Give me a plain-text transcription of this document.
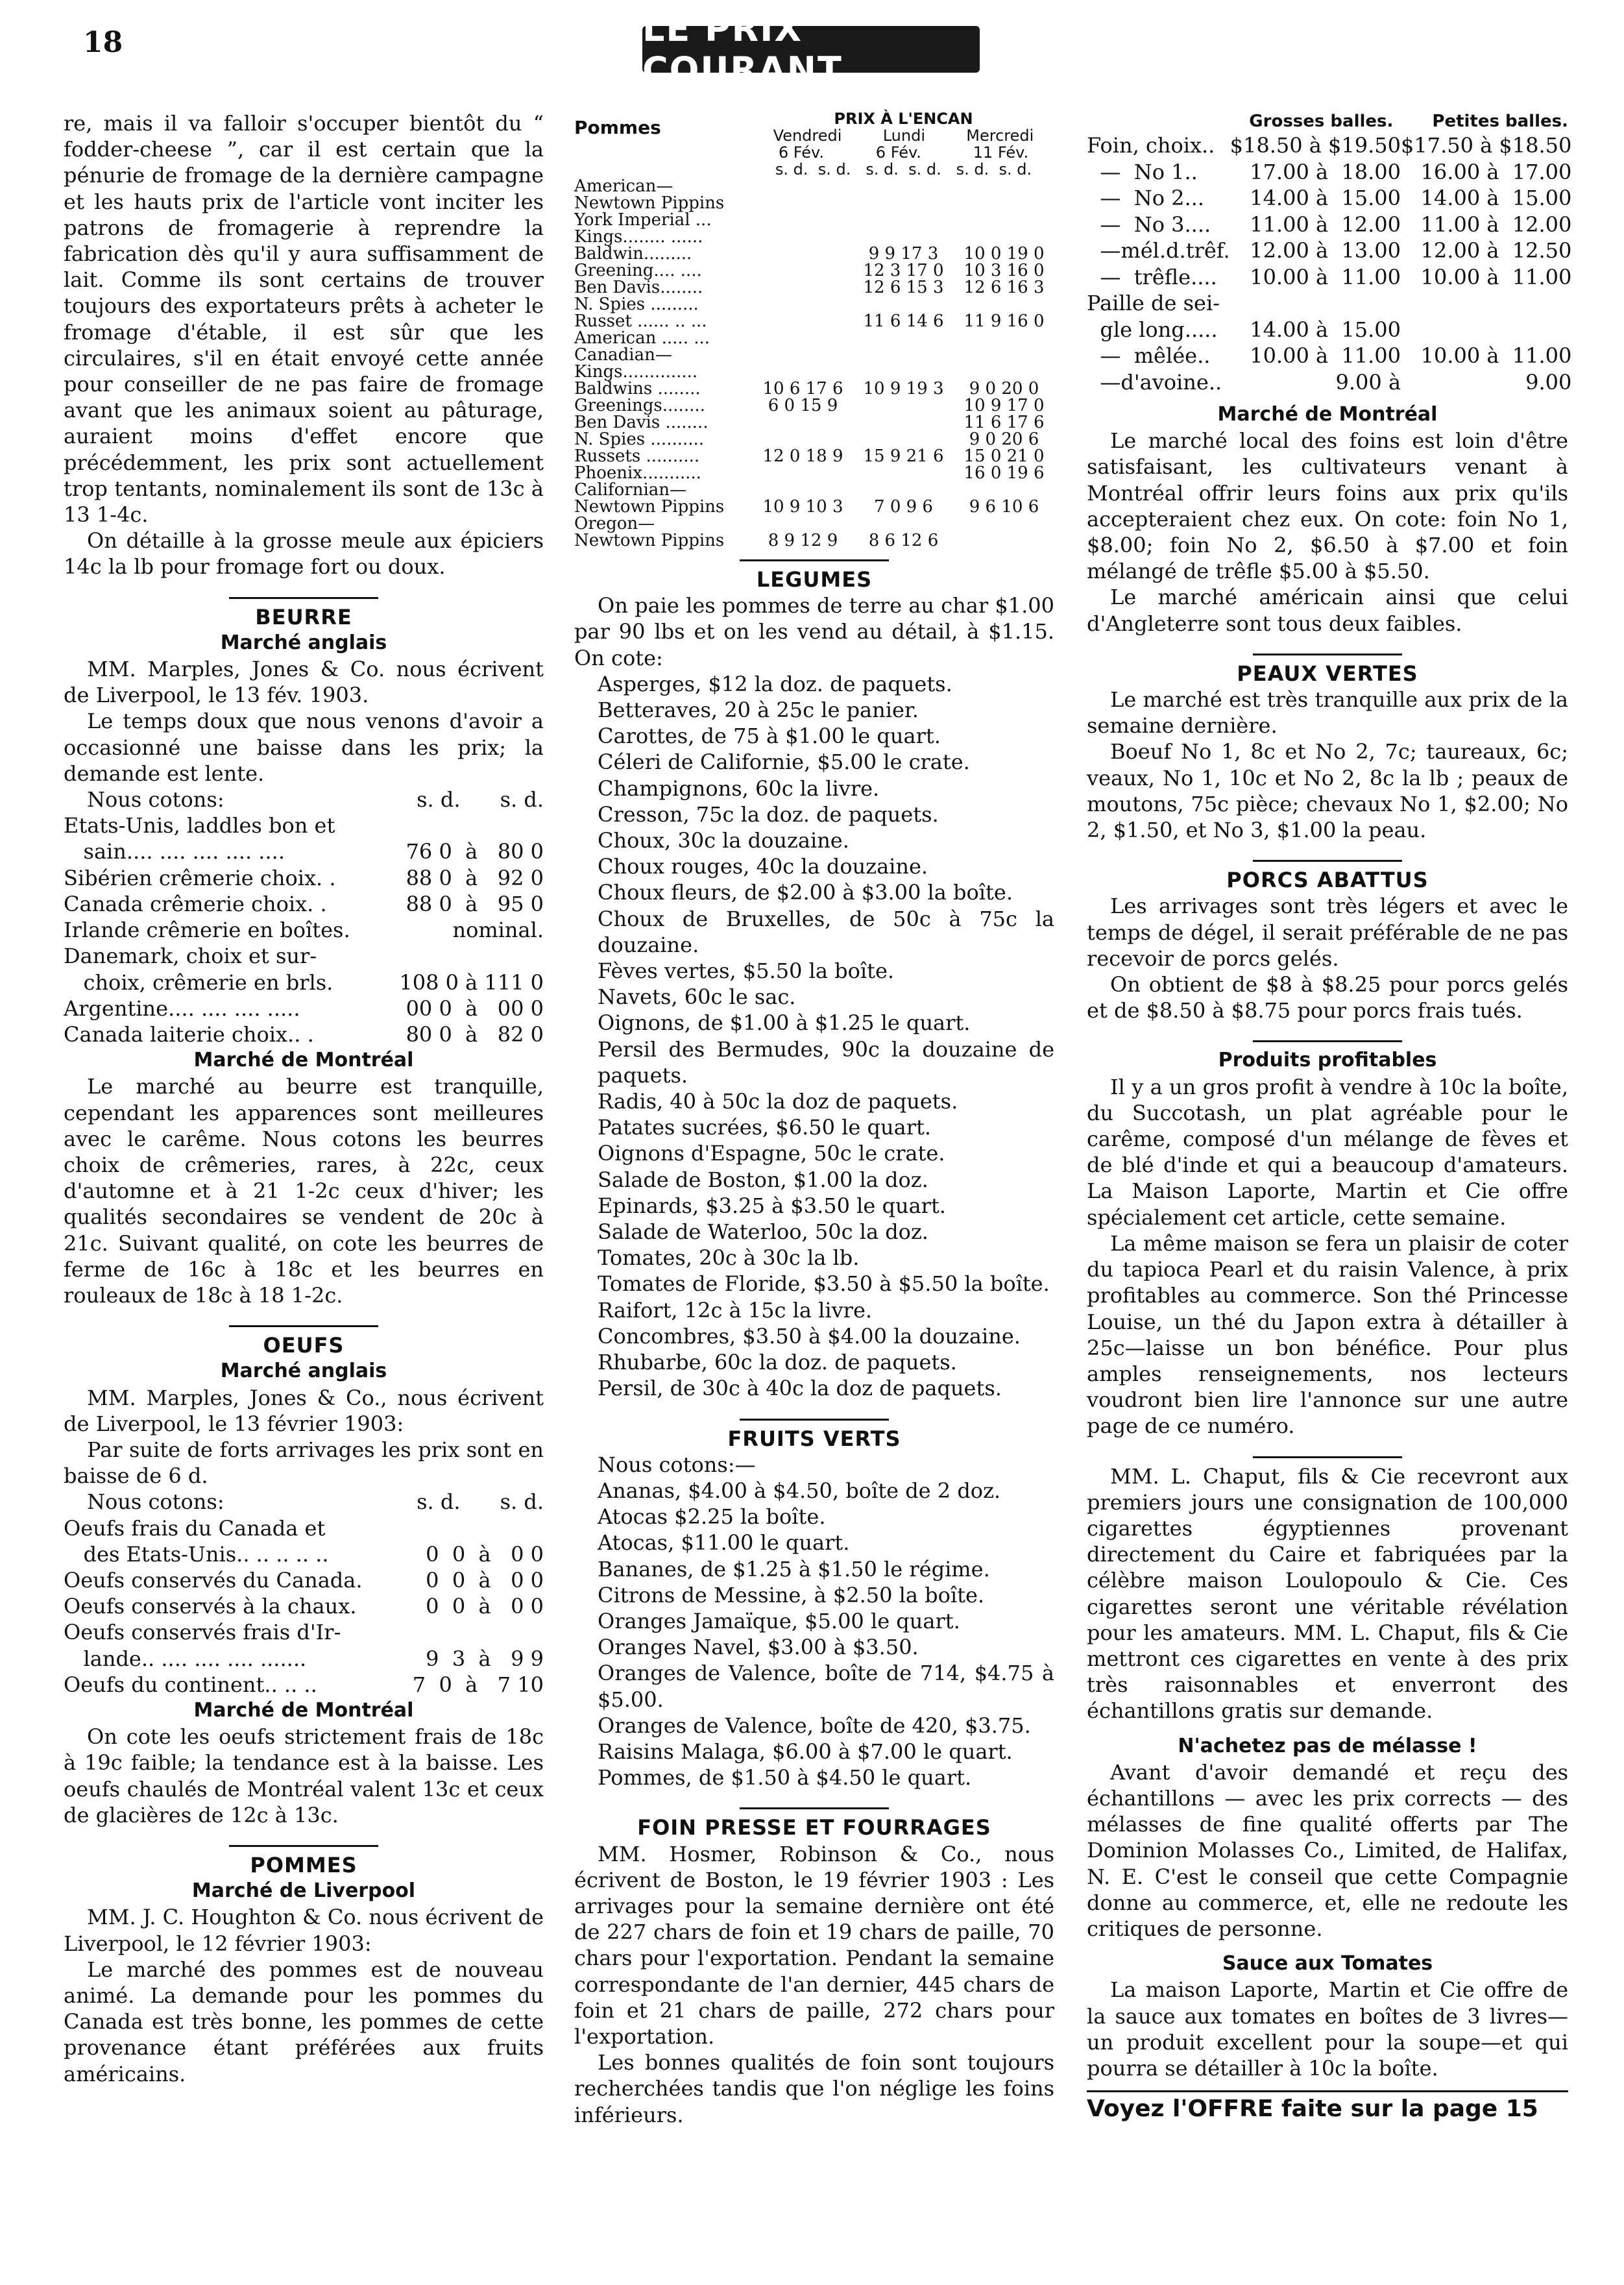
18	LE PRIX COURANT

re, mais il va falloir s'occuper bientôt du “ fodder-cheese ”, car il est certain que la pénurie de fromage de la dernière campagne et les hauts prix de l'article vont inciter les patrons de fromagerie à reprendre la fabrication dès qu'il y aura suffisamment de lait. Comme ils sont certains de trouver toujours des exportateurs prêts à acheter le fromage d'étable, il est sûr que les circulaires, s'il en était envoyé cette année pour conseiller de ne pas faire de fromage avant que les animaux soient au pâturage, auraient moins d'effet encore que précédemment, les prix sont actuellement trop tentants, nominalement ils sont de 13c à 13 1-4c.

On détaille à la grosse meule aux épiciers 14c la lb pour fromage fort ou doux.

BEURRE
Marché anglais

MM. Marples, Jones & Co. nous écrivent de Liverpool, le 13 fév. 1903.

Le temps doux que nous venons d'avoir a occasionné une baisse dans les prix; la demande est lente.

Nous cotons:	s. d.      s. d.
Etats-Unis, laddles bon et
sain.... .... .... .... ....	76 0  à   80 0
Sibérien crêmerie choix. .	88 0  à   92 0
Canada crêmerie choix. .	88 0  à   95 0
Irlande crêmerie en boîtes.	nominal.
Danemark, choix et sur-
choix, crêmerie en brls.	108 0 à 111 0
Argentine.... .... .... .....	00 0  à   00 0
Canada laiterie choix.. .	80 0  à   82 0
Marché de Montréal

Le marché au beurre est tranquille, cependant les apparences sont meilleures avec le carême. Nous cotons les beurres choix de crêmeries, rares, à 22c, ceux d'automne et à 21 1-2c ceux d'hiver; les qualités secondaires se vendent de 20c à 21c. Suivant qualité, on cote les beurres de ferme de 16c à 18c et les beurres en rouleaux de 18c à 18 1-2c.

OEUFS
Marché anglais

MM. Marples, Jones & Co., nous écrivent de Liverpool, le 13 février 1903:

Par suite de forts arrivages les prix sont en baisse de 6 d.

Nous cotons:	s. d.      s. d.
Oeufs frais du Canada et
des Etats-Unis.. .. .. .. ..	0  0  à   0 0
Oeufs conservés du Canada.	0  0  à   0 0
Oeufs conservés à la chaux.	0  0  à   0 0
Oeufs conservés frais d'Ir-
lande.. .... .... .... .......	9  3  à   9 9
Oeufs du continent.. .. ..	7  0  à   7 10
Marché de Montréal

On cote les oeufs strictement frais de 18c à 19c faible; la tendance est à la baisse. Les oeufs chaulés de Montréal valent 13c et ceux de glacières de 12c à 13c.

POMMES
Marché de Liverpool

MM. J. C. Houghton & Co. nous écrivent de Liverpool, le 12 février 1903:

Le marché des pommes est de nouveau animé. La demande pour les pommes du Canada est très bonne, les pommes de cette provenance étant préférées aux fruits américains.

Pommes	PRIX À L'ENCAN
Vendredi	Lundi	Mercredi
6 Fév.	6 Fév.	11 Fév.
s. d.  s. d.   s. d.  s. d.   s. d.  s. d.
American—			
Newtown Pippins			
York Imperial ...			
Kings........ ......			
Baldwin.........		9 9 17 3	10 0 19 0
Greening.... ....		12 3 17 0	10 3 16 0
Ben Davis........		12 6 15 3	12 6 16 3
N. Spies .........			
Russet ...... .. ...		11 6 14 6	11 9 16 0
American ..... ...			
Canadian—			
Kings..............			
Baldwins ........	10 6 17 6	10 9 19 3	9 0 20 0
Greenings........	6 0 15 9		10 9 17 0
Ben Davis ........			11 6 17 6
N. Spies ..........			9 0 20 6
Russets ..........	12 0 18 9	15 9 21 6	15 0 21 0
Phoenix...........			16 0 19 6
Californian—			
Newtown Pippins	10 9 10 3	7 0 9 6	9 6 10 6
Oregon—			
Newtown Pippins	8 9 12 9	8 6 12 6	
LEGUMES

On paie les pommes de terre au char $1.00 par 90 lbs et on les vend au détail, à $1.15. On cote:

Asperges, $12 la doz. de paquets.

Betteraves, 20 à 25c le panier.

Carottes, de 75 à $1.00 le quart.

Céleri de Californie, $5.00 le crate.

Champignons, 60c la livre.

Cresson, 75c la doz. de paquets.

Choux, 30c la douzaine.

Choux rouges, 40c la douzaine.

Choux fleurs, de $2.00 à $3.00 la boîte.

Choux de Bruxelles, de 50c à 75c la douzaine.

Fèves vertes, $5.50 la boîte.

Navets, 60c le sac.

Oignons, de $1.00 à $1.25 le quart.

Persil des Bermudes, 90c la douzaine de paquets.

Radis, 40 à 50c la doz de paquets.

Patates sucrées, $6.50 le quart.

Oignons d'Espagne, 50c le crate.

Salade de Boston, $1.00 la doz.

Epinards, $3.25 à $3.50 le quart.

Salade de Waterloo, 50c la doz.

Tomates, 20c à 30c la lb.

Tomates de Floride, $3.50 à $5.50 la boîte.

Raifort, 12c à 15c la livre.

Concombres, $3.50 à $4.00 la douzaine.

Rhubarbe, 60c la doz. de paquets.

Persil, de 30c à 40c la doz de paquets.

FRUITS VERTS

Nous cotons:—

Ananas, $4.00 à $4.50, boîte de 2 doz.

Atocas $2.25 la boîte.

Atocas, $11.00 le quart.

Bananes, de $1.25 à $1.50 le régime.

Citrons de Messine, à $2.50 la boîte.

Oranges Jamaïque, $5.00 le quart.

Oranges Navel, $3.00 à $3.50.

Oranges de Valence, boîte de 714, $4.75 à $5.00.

Oranges de Valence, boîte de 420, $3.75.

Raisins Malaga, $6.00 à $7.00 le quart.

Pommes, de $1.50 à $4.50 le quart.

FOIN PRESSE ET FOURRAGES

MM. Hosmer, Robinson & Co., nous écrivent de Boston, le 19 février 1903 : Les arrivages pour la semaine dernière ont été de 227 chars de foin et 19 chars de paille, 70 chars pour l'exportation. Pendant la semaine correspondante de l'an dernier, 445 chars de foin et 21 chars de paille, 272 chars pour l'exportation.

Les bonnes qualités de foin sont toujours recherchées tandis que l'on néglige les foins inférieurs.

Grosses balles. Petites balles.
Foin, choix..	$18.50 à $19.50	$17.50 à $18.50
—  No 1..	17.00 à  18.00	16.00 à  17.00
—  No 2...	14.00 à  15.00	14.00 à  15.00
—  No 3....	11.00 à  12.00	11.00 à  12.00
—mél.d.trêf.	12.00 à  13.00	12.00 à  12.50
—  trêfle....	10.00 à  11.00	10.00 à  11.00
Paille de sei-		
gle long.....	14.00 à  15.00	
—  mêlée..	10.00 à  11.00	10.00 à  11.00
—d'avoine..	9.00 à	9.00
Marché de Montréal

Le marché local des foins est loin d'être satisfaisant, les cultivateurs venant à Montréal offrir leurs foins aux prix qu'ils accepteraient chez eux. On cote: foin No 1, $8.00; foin No 2, $6.50 à $7.00 et foin mélangé de trêfle $5.00 à $5.50.

Le marché américain ainsi que celui d'Angleterre sont tous deux faibles.

PEAUX VERTES

Le marché est très tranquille aux prix de la semaine dernière.

Boeuf No 1, 8c et No 2, 7c; taureaux, 6c; veaux, No 1, 10c et No 2, 8c la lb ; peaux de moutons, 75c pièce; chevaux No 1, $2.00; No 2, $1.50, et No 3, $1.00 la peau.

PORCS ABATTUS

Les arrivages sont très légers et avec le temps de dégel, il serait préférable de ne pas recevoir de porcs gelés.

On obtient de $8 à $8.25 pour porcs gelés et de $8.50 à $8.75 pour porcs frais tués.

Produits profitables

Il y a un gros profit à vendre à 10c la boîte, du Succotash, un plat agréable pour le carême, composé d'un mélange de fèves et de blé d'inde et qui a beaucoup d'amateurs. La Maison Laporte, Martin et Cie offre spécialement cet article, cette semaine.

La même maison se fera un plaisir de coter du tapioca Pearl et du raisin Valence, à prix profitables au commerce. Son thé Princesse Louise, un thé du Japon extra à détailler à 25c—laisse un bon bénéfice. Pour plus amples renseignements, nos lecteurs voudront bien lire l'annonce sur une autre page de ce numéro.

MM. L. Chaput, fils & Cie recevront aux premiers jours une consignation de 100,000 cigarettes égyptiennes provenant directement du Caire et fabriquées par la célèbre maison Loulopoulo & Cie. Ces cigarettes seront une véritable révélation pour les amateurs. MM. L. Chaput, fils & Cie mettront ces cigarettes en vente à des prix très raisonnables et enverront des échantillons gratis sur demande.

N'achetez pas de mélasse !

Avant d'avoir demandé et reçu des échantillons — avec les prix corrects — des mélasses de fine qualité offerts par The Dominion Molasses Co., Limited, de Halifax, N. E. C'est le conseil que cette Compagnie donne au commerce, et, elle ne redoute les critiques de personne.

Sauce aux Tomates

La maison Laporte, Martin et Cie offre de la sauce aux tomates en boîtes de 3 livres—un produit excellent pour la soupe—et qui pourra se détailler à 10c la boîte.

Voyez l'OFFRE faite sur la page 15
